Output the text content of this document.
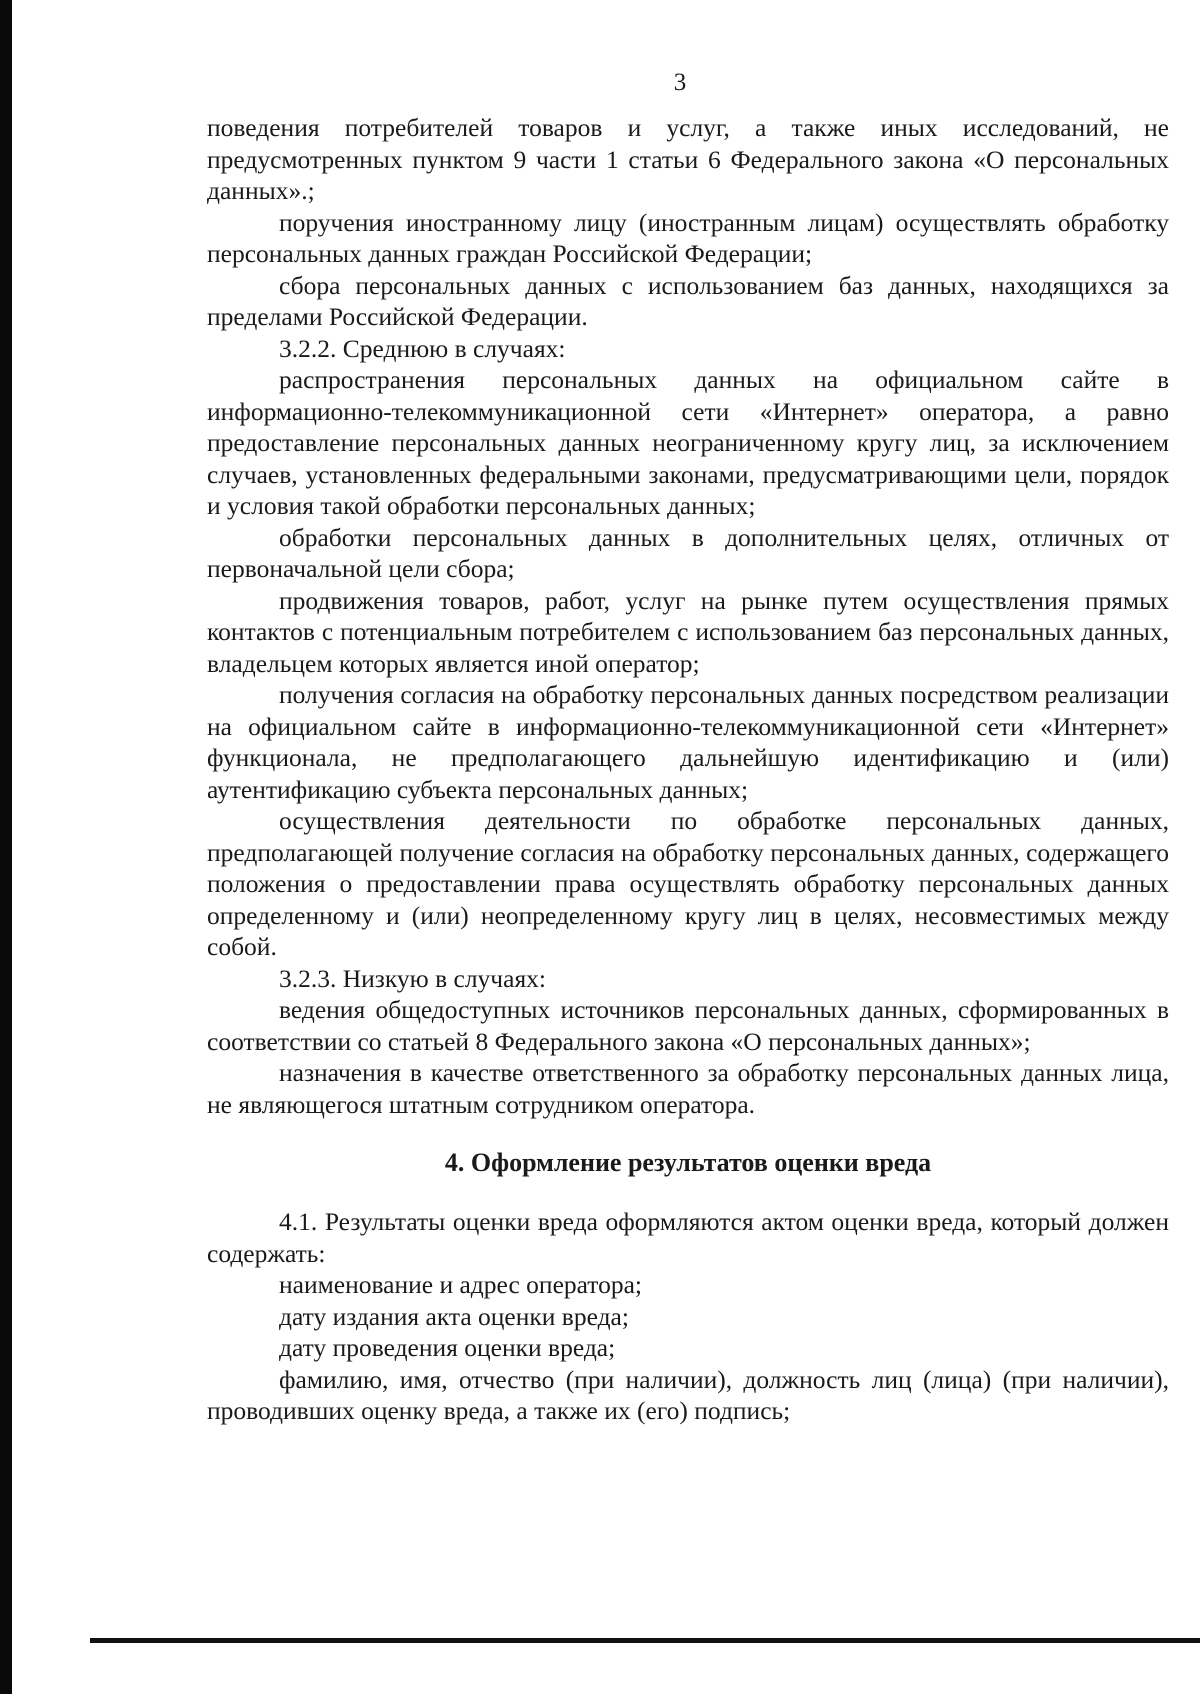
3

поведения потребителей товаров и услуг, а также иных исследований, не предусмотренных пунктом 9 части 1 статьи 6 Федерального закона «О персональных данных».;

поручения иностранному лицу (иностранным лицам) осуществлять обработку персональных данных граждан Российской Федерации;

сбора персональных данных с использованием баз данных, находящихся за пределами Российской Федерации.

3.2.2. Среднюю в случаях:

распространения персональных данных на официальном сайте в информационно-телекоммуникационной сети «Интернет» оператора, а равно предоставление персональных данных неограниченному кругу лиц, за исключением случаев, установленных федеральными законами, предусматривающими цели, порядок и условия такой обработки персональных данных;

обработки персональных данных в дополнительных целях, отличных от первоначальной цели сбора;

продвижения товаров, работ, услуг на рынке путем осуществления прямых контактов с потенциальным потребителем с использованием баз персональных данных, владельцем которых является иной оператор;

получения согласия на обработку персональных данных посредством реализации на официальном сайте в информационно-телекоммуникационной сети «Интернет» функционала, не предполагающего дальнейшую идентификацию и (или) аутентификацию субъекта персональных данных;

осуществления деятельности по обработке персональных данных, предполагающей получение согласия на обработку персональных данных, содержащего положения о предоставлении права осуществлять обработку персональных данных определенному и (или) неопределенному кругу лиц в целях, несовместимых между собой.

3.2.3. Низкую в случаях:

ведения общедоступных источников персональных данных, сформированных в соответствии со статьей 8 Федерального закона «О персональных данных»;

назначения в качестве ответственного за обработку персональных данных лица, не являющегося штатным сотрудником оператора.

4. Оформление результатов оценки вреда

4.1. Результаты оценки вреда оформляются актом оценки вреда, который должен содержать:

наименование и адрес оператора;

дату издания акта оценки вреда;

дату проведения оценки вреда;

фамилию, имя, отчество (при наличии), должность лиц (лица) (при наличии), проводивших оценку вреда, а также их (его) подпись;
